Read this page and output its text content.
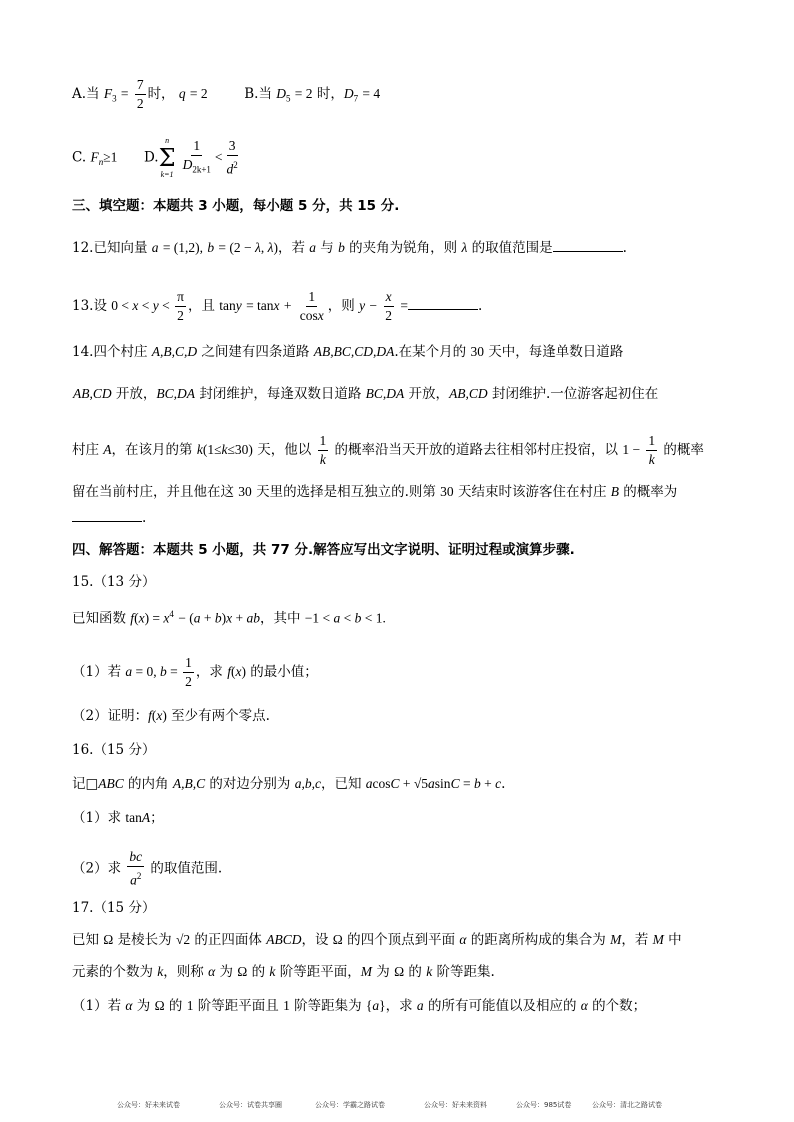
A.当 $F_3 = \frac{7}{2}$ 时， q = 2  B.当 $D_5 = 2$ 时，$D_7 = 4$
C. $F_n\ge 1$  D.
n
Σ
$k=1 \frac{1}{D_{2k+1}} < \frac{3}{d^2}$
三、填空题：本题共 3 小题，每小题 5 分，共 15 分.
12.已知向量 a = (1,2), b = (2 − λ, λ)，若 a 与 b 的夹角为锐角，则 λ 的取值范围是	.
13.设 $0 < x < y < \frac{\pi}{2}$ ，且 $\tan y = \tan x + \frac{1}{\cos x}$ ，则 $y - \frac{x}{2}$ =	.
14.四个村庄 A,B,C,D 之间建有四条道路 AB,BC,CD,DA.在某个月的 30 天中，每逢单数日道路
AB,CD 开放，BC,DA 封闭维护，每逢双数日道路 BC,DA 开放，AB,CD 封闭维护.一位游客起初住在
村庄 A，在该月的第 k(1≤k≤30) 天，他以 $\frac{1}{k}$ 的概率沿当天开放的道路去往相邻村庄投宿，以 $1 - \frac{1}{k}$ 的概率
留在当前村庄，并且他在这 30 天里的选择是相互独立的.则第 30 天结束时该游客住在村庄 B 的概率为
.
四、解答题：本题共 5 小题，共 77 分.解答应写出文字说明、证明过程或演算步骤.
15.（13 分）
已知函数 $f(x) = x^4 - (a + b)x$ + ab，其中 −1 < a < b < 1.
（1）若 a = 0, $b = \frac{1}{2}$ ，求 f(x) 的最小值；
（2）证明：f(x) 至少有两个零点.
16.（15 分）
记□ABC 的内角 A,B,C 的对边分别为 a,b,c，已知 acosC + √5asinC = b + c.
（1）求 tanA；
（2）求 $\frac{bc}{a^2}$ 的取值范围.
17.（15 分）
已知 Ω 是棱长为 √2 的正四面体 ABCD，设 Ω 的四个顶点到平面 α 的距离所构成的集合为 M，若 M 中
元素的个数为 k，则称 α 为 Ω 的 k 阶等距平面，M 为 Ω 的 k 阶等距集.
（1）若 α 为 Ω 的 1 阶等距平面且 1 阶等距集为 {a}，求 a 的所有可能值以及相应的 α 的个数；
公众号：好未来试卷	公众号：试卷共享圈	公众号：学霸之路试卷	公众号：好未来资料	公众号：985试卷	公众号：清北之路试卷
